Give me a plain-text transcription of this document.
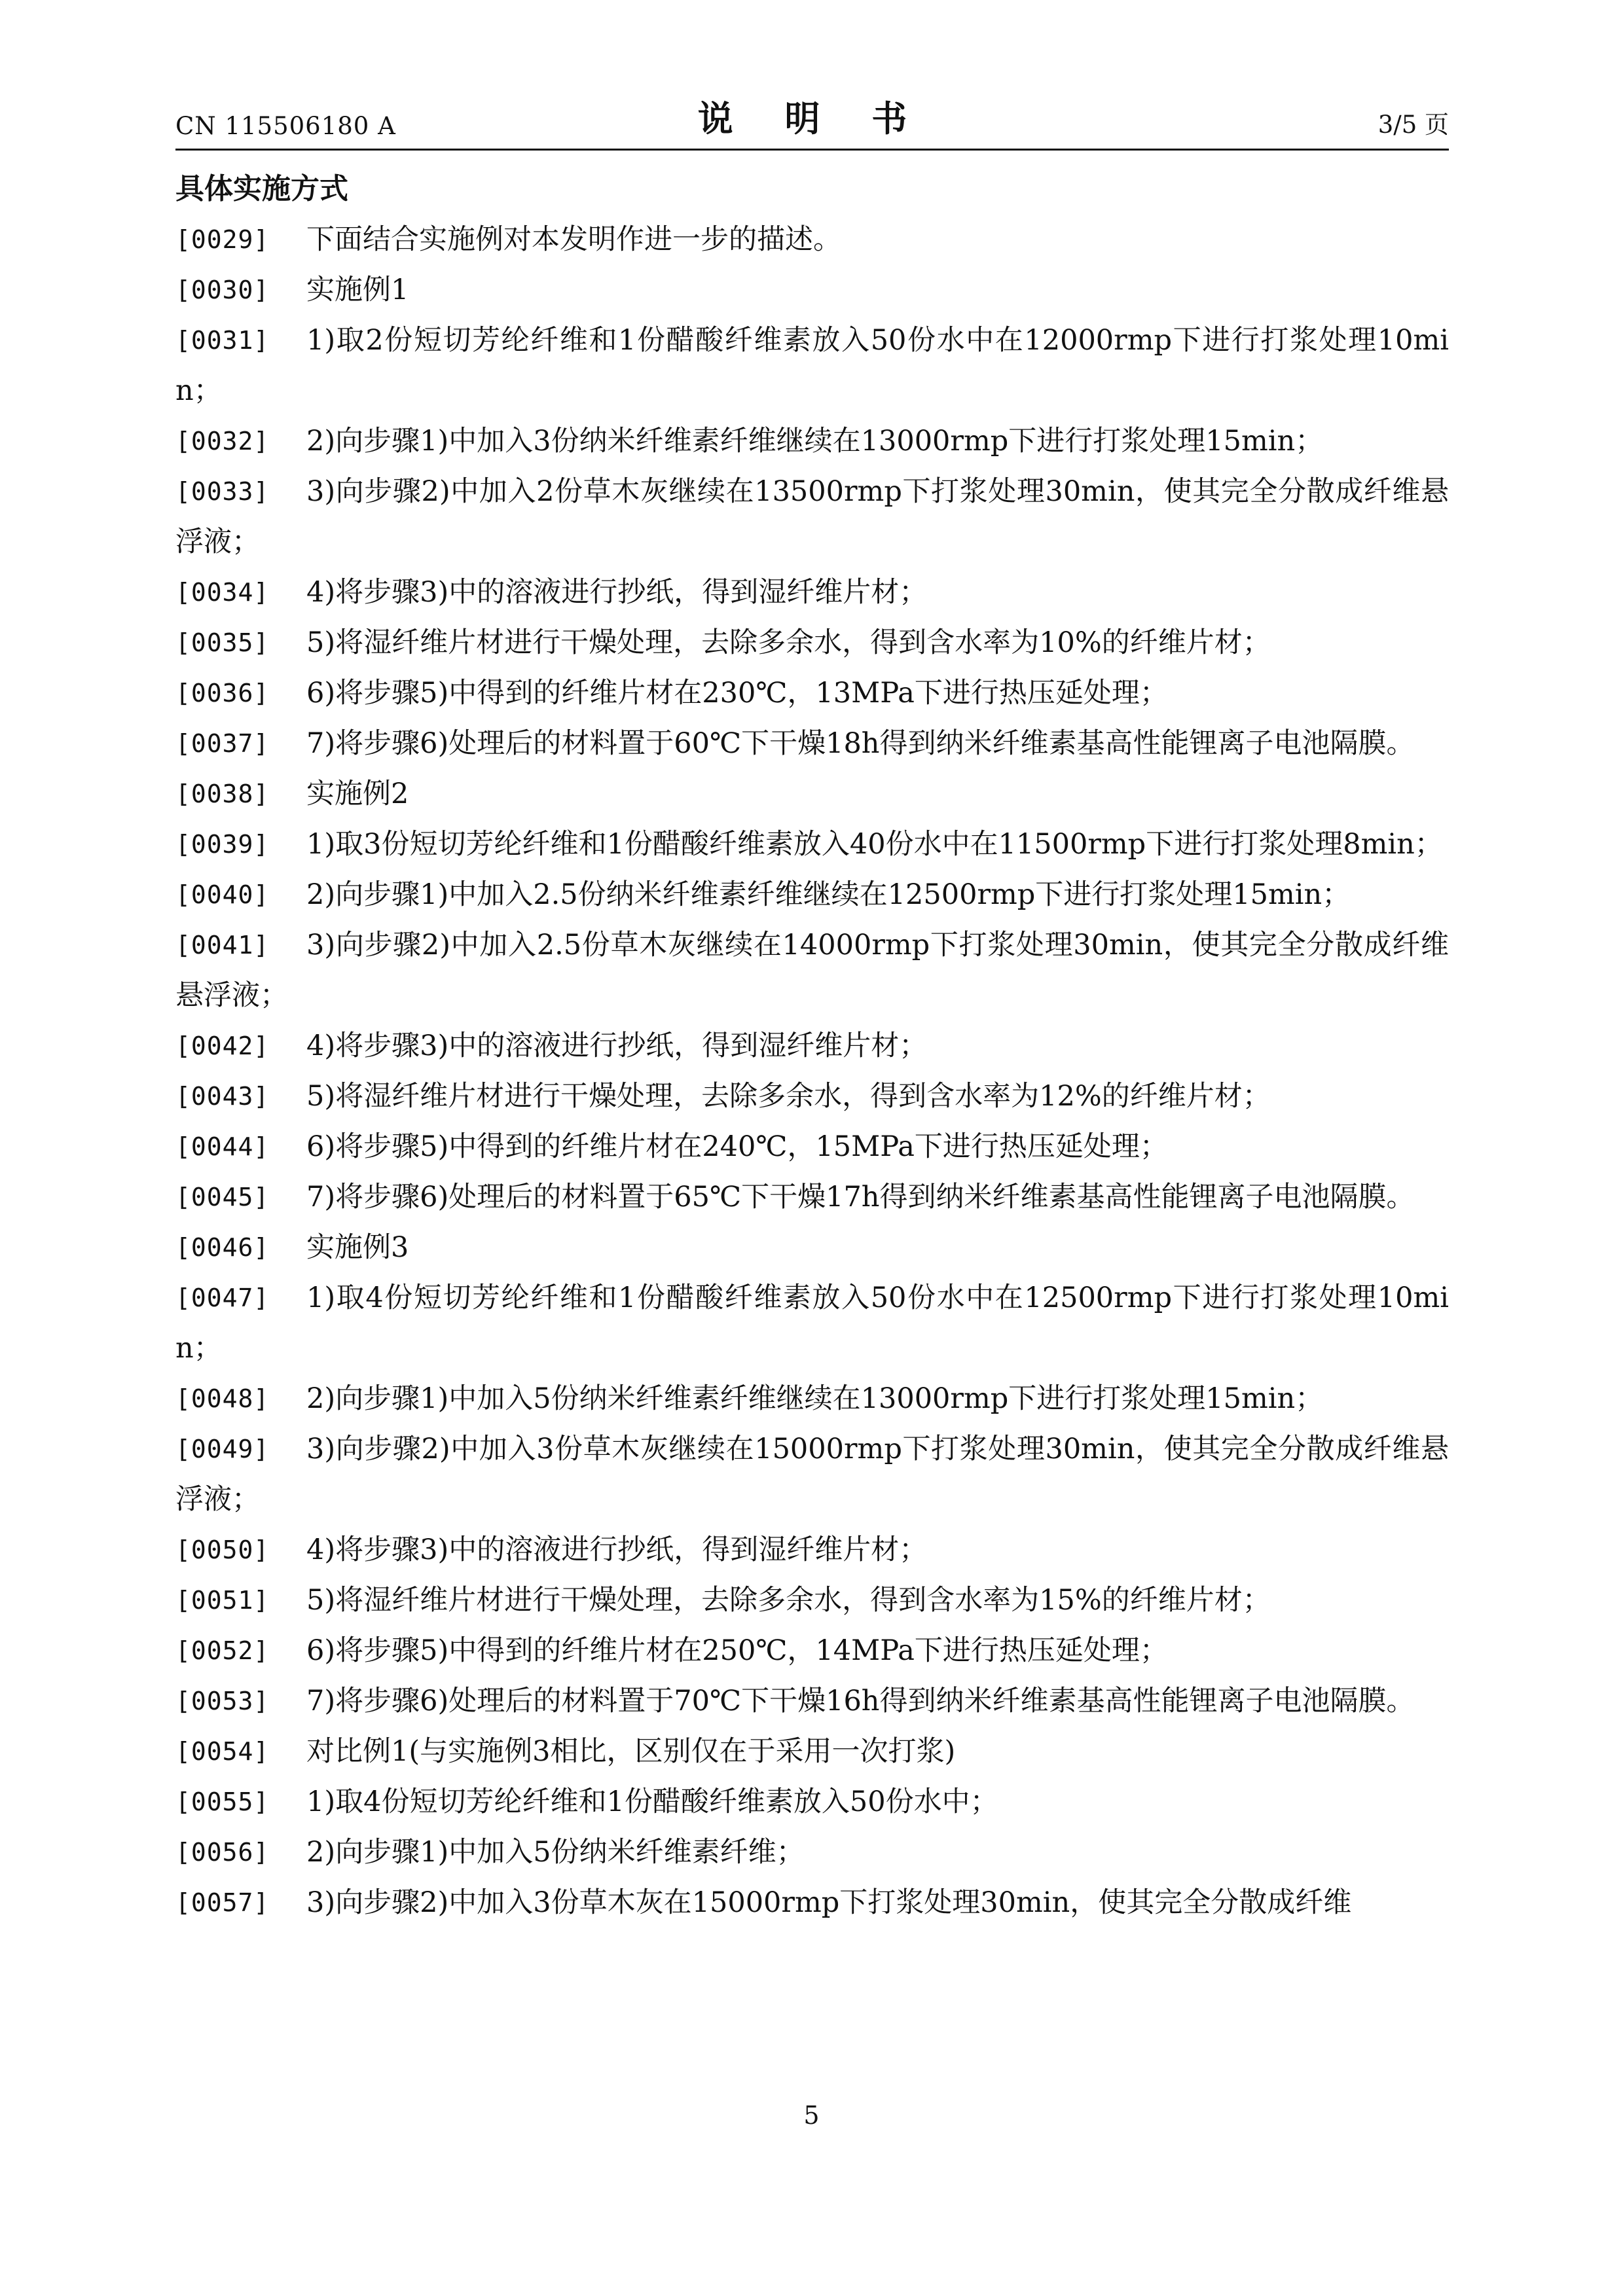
CN 115506180 A	说 明 书	3/5 页
具体实施方式
[0029]	下面结合实施例对本发明作进一步的描述。
[0030]	实施例1
[0031]	1)取2份短切芳纶纤维和1份醋酸纤维素放入50份水中在12000rmp下进行打浆处理10min；
[0032]	2)向步骤1)中加入3份纳米纤维素纤维继续在13000rmp下进行打浆处理15min；
[0033]	3)向步骤2)中加入2份草木灰继续在13500rmp下打浆处理30min，使其完全分散成纤维悬浮液；
[0034]	4)将步骤3)中的溶液进行抄纸，得到湿纤维片材；
[0035]	5)将湿纤维片材进行干燥处理，去除多余水，得到含水率为10%的纤维片材；
[0036]	6)将步骤5)中得到的纤维片材在230℃，13MPa下进行热压延处理；
[0037]	7)将步骤6)处理后的材料置于60℃下干燥18h得到纳米纤维素基高性能锂离子电池隔膜。
[0038]	实施例2
[0039]	1)取3份短切芳纶纤维和1份醋酸纤维素放入40份水中在11500rmp下进行打浆处理8min；
[0040]	2)向步骤1)中加入2.5份纳米纤维素纤维继续在12500rmp下进行打浆处理15min；
[0041]	3)向步骤2)中加入2.5份草木灰继续在14000rmp下打浆处理30min，使其完全分散成纤维悬浮液；
[0042]	4)将步骤3)中的溶液进行抄纸，得到湿纤维片材；
[0043]	5)将湿纤维片材进行干燥处理，去除多余水，得到含水率为12%的纤维片材；
[0044]	6)将步骤5)中得到的纤维片材在240℃，15MPa下进行热压延处理；
[0045]	7)将步骤6)处理后的材料置于65℃下干燥17h得到纳米纤维素基高性能锂离子电池隔膜。
[0046]	实施例3
[0047]	1)取4份短切芳纶纤维和1份醋酸纤维素放入50份水中在12500rmp下进行打浆处理10min；
[0048]	2)向步骤1)中加入5份纳米纤维素纤维继续在13000rmp下进行打浆处理15min；
[0049]	3)向步骤2)中加入3份草木灰继续在15000rmp下打浆处理30min，使其完全分散成纤维悬浮液；
[0050]	4)将步骤3)中的溶液进行抄纸，得到湿纤维片材；
[0051]	5)将湿纤维片材进行干燥处理，去除多余水，得到含水率为15%的纤维片材；
[0052]	6)将步骤5)中得到的纤维片材在250℃，14MPa下进行热压延处理；
[0053]	7)将步骤6)处理后的材料置于70℃下干燥16h得到纳米纤维素基高性能锂离子电池隔膜。
[0054]	对比例1(与实施例3相比，区别仅在于采用一次打浆)
[0055]	1)取4份短切芳纶纤维和1份醋酸纤维素放入50份水中；
[0056]	2)向步骤1)中加入5份纳米纤维素纤维；
[0057]	3)向步骤2)中加入3份草木灰在15000rmp下打浆处理30min，使其完全分散成纤维
5
